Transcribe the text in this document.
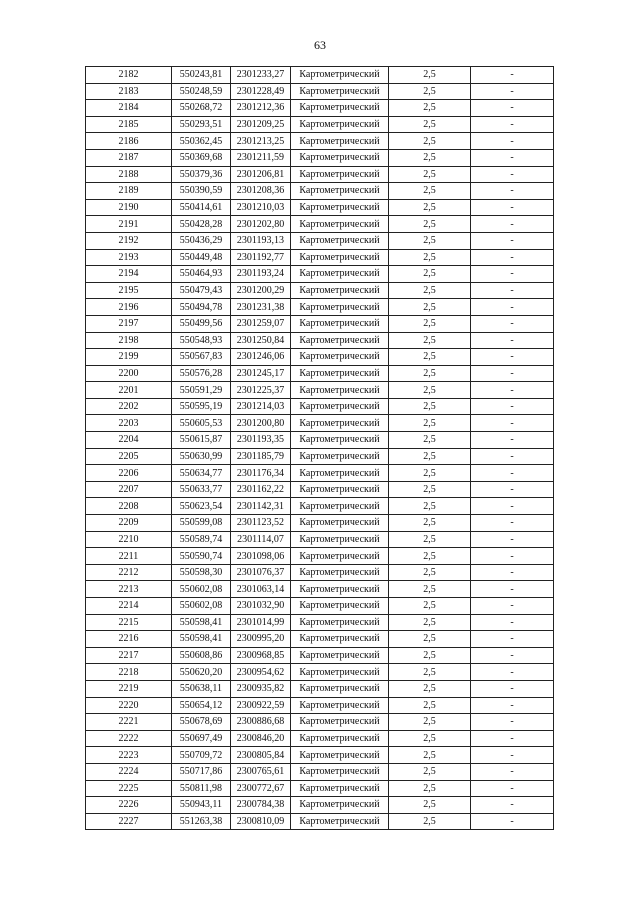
63
2182	550243,81	2301233,27	Картометрический	2,5	-
2183	550248,59	2301228,49	Картометрический	2,5	-
2184	550268,72	2301212,36	Картометрический	2,5	-
2185	550293,51	2301209,25	Картометрический	2,5	-
2186	550362,45	2301213,25	Картометрический	2,5	-
2187	550369,68	2301211,59	Картометрический	2,5	-
2188	550379,36	2301206,81	Картометрический	2,5	-
2189	550390,59	2301208,36	Картометрический	2,5	-
2190	550414,61	2301210,03	Картометрический	2,5	-
2191	550428,28	2301202,80	Картометрический	2,5	-
2192	550436,29	2301193,13	Картометрический	2,5	-
2193	550449,48	2301192,77	Картометрический	2,5	-
2194	550464,93	2301193,24	Картометрический	2,5	-
2195	550479,43	2301200,29	Картометрический	2,5	-
2196	550494,78	2301231,38	Картометрический	2,5	-
2197	550499,56	2301259,07	Картометрический	2,5	-
2198	550548,93	2301250,84	Картометрический	2,5	-
2199	550567,83	2301246,06	Картометрический	2,5	-
2200	550576,28	2301245,17	Картометрический	2,5	-
2201	550591,29	2301225,37	Картометрический	2,5	-
2202	550595,19	2301214,03	Картометрический	2,5	-
2203	550605,53	2301200,80	Картометрический	2,5	-
2204	550615,87	2301193,35	Картометрический	2,5	-
2205	550630,99	2301185,79	Картометрический	2,5	-
2206	550634,77	2301176,34	Картометрический	2,5	-
2207	550633,77	2301162,22	Картометрический	2,5	-
2208	550623,54	2301142,31	Картометрический	2,5	-
2209	550599,08	2301123,52	Картометрический	2,5	-
2210	550589,74	2301114,07	Картометрический	2,5	-
2211	550590,74	2301098,06	Картометрический	2,5	-
2212	550598,30	2301076,37	Картометрический	2,5	-
2213	550602,08	2301063,14	Картометрический	2,5	-
2214	550602,08	2301032,90	Картометрический	2,5	-
2215	550598,41	2301014,99	Картометрический	2,5	-
2216	550598,41	2300995,20	Картометрический	2,5	-
2217	550608,86	2300968,85	Картометрический	2,5	-
2218	550620,20	2300954,62	Картометрический	2,5	-
2219	550638,11	2300935,82	Картометрический	2,5	-
2220	550654,12	2300922,59	Картометрический	2,5	-
2221	550678,69	2300886,68	Картометрический	2,5	-
2222	550697,49	2300846,20	Картометрический	2,5	-
2223	550709,72	2300805,84	Картометрический	2,5	-
2224	550717,86	2300765,61	Картометрический	2,5	-
2225	550811,98	2300772,67	Картометрический	2,5	-
2226	550943,11	2300784,38	Картометрический	2,5	-
2227	551263,38	2300810,09	Картометрический	2,5	-
